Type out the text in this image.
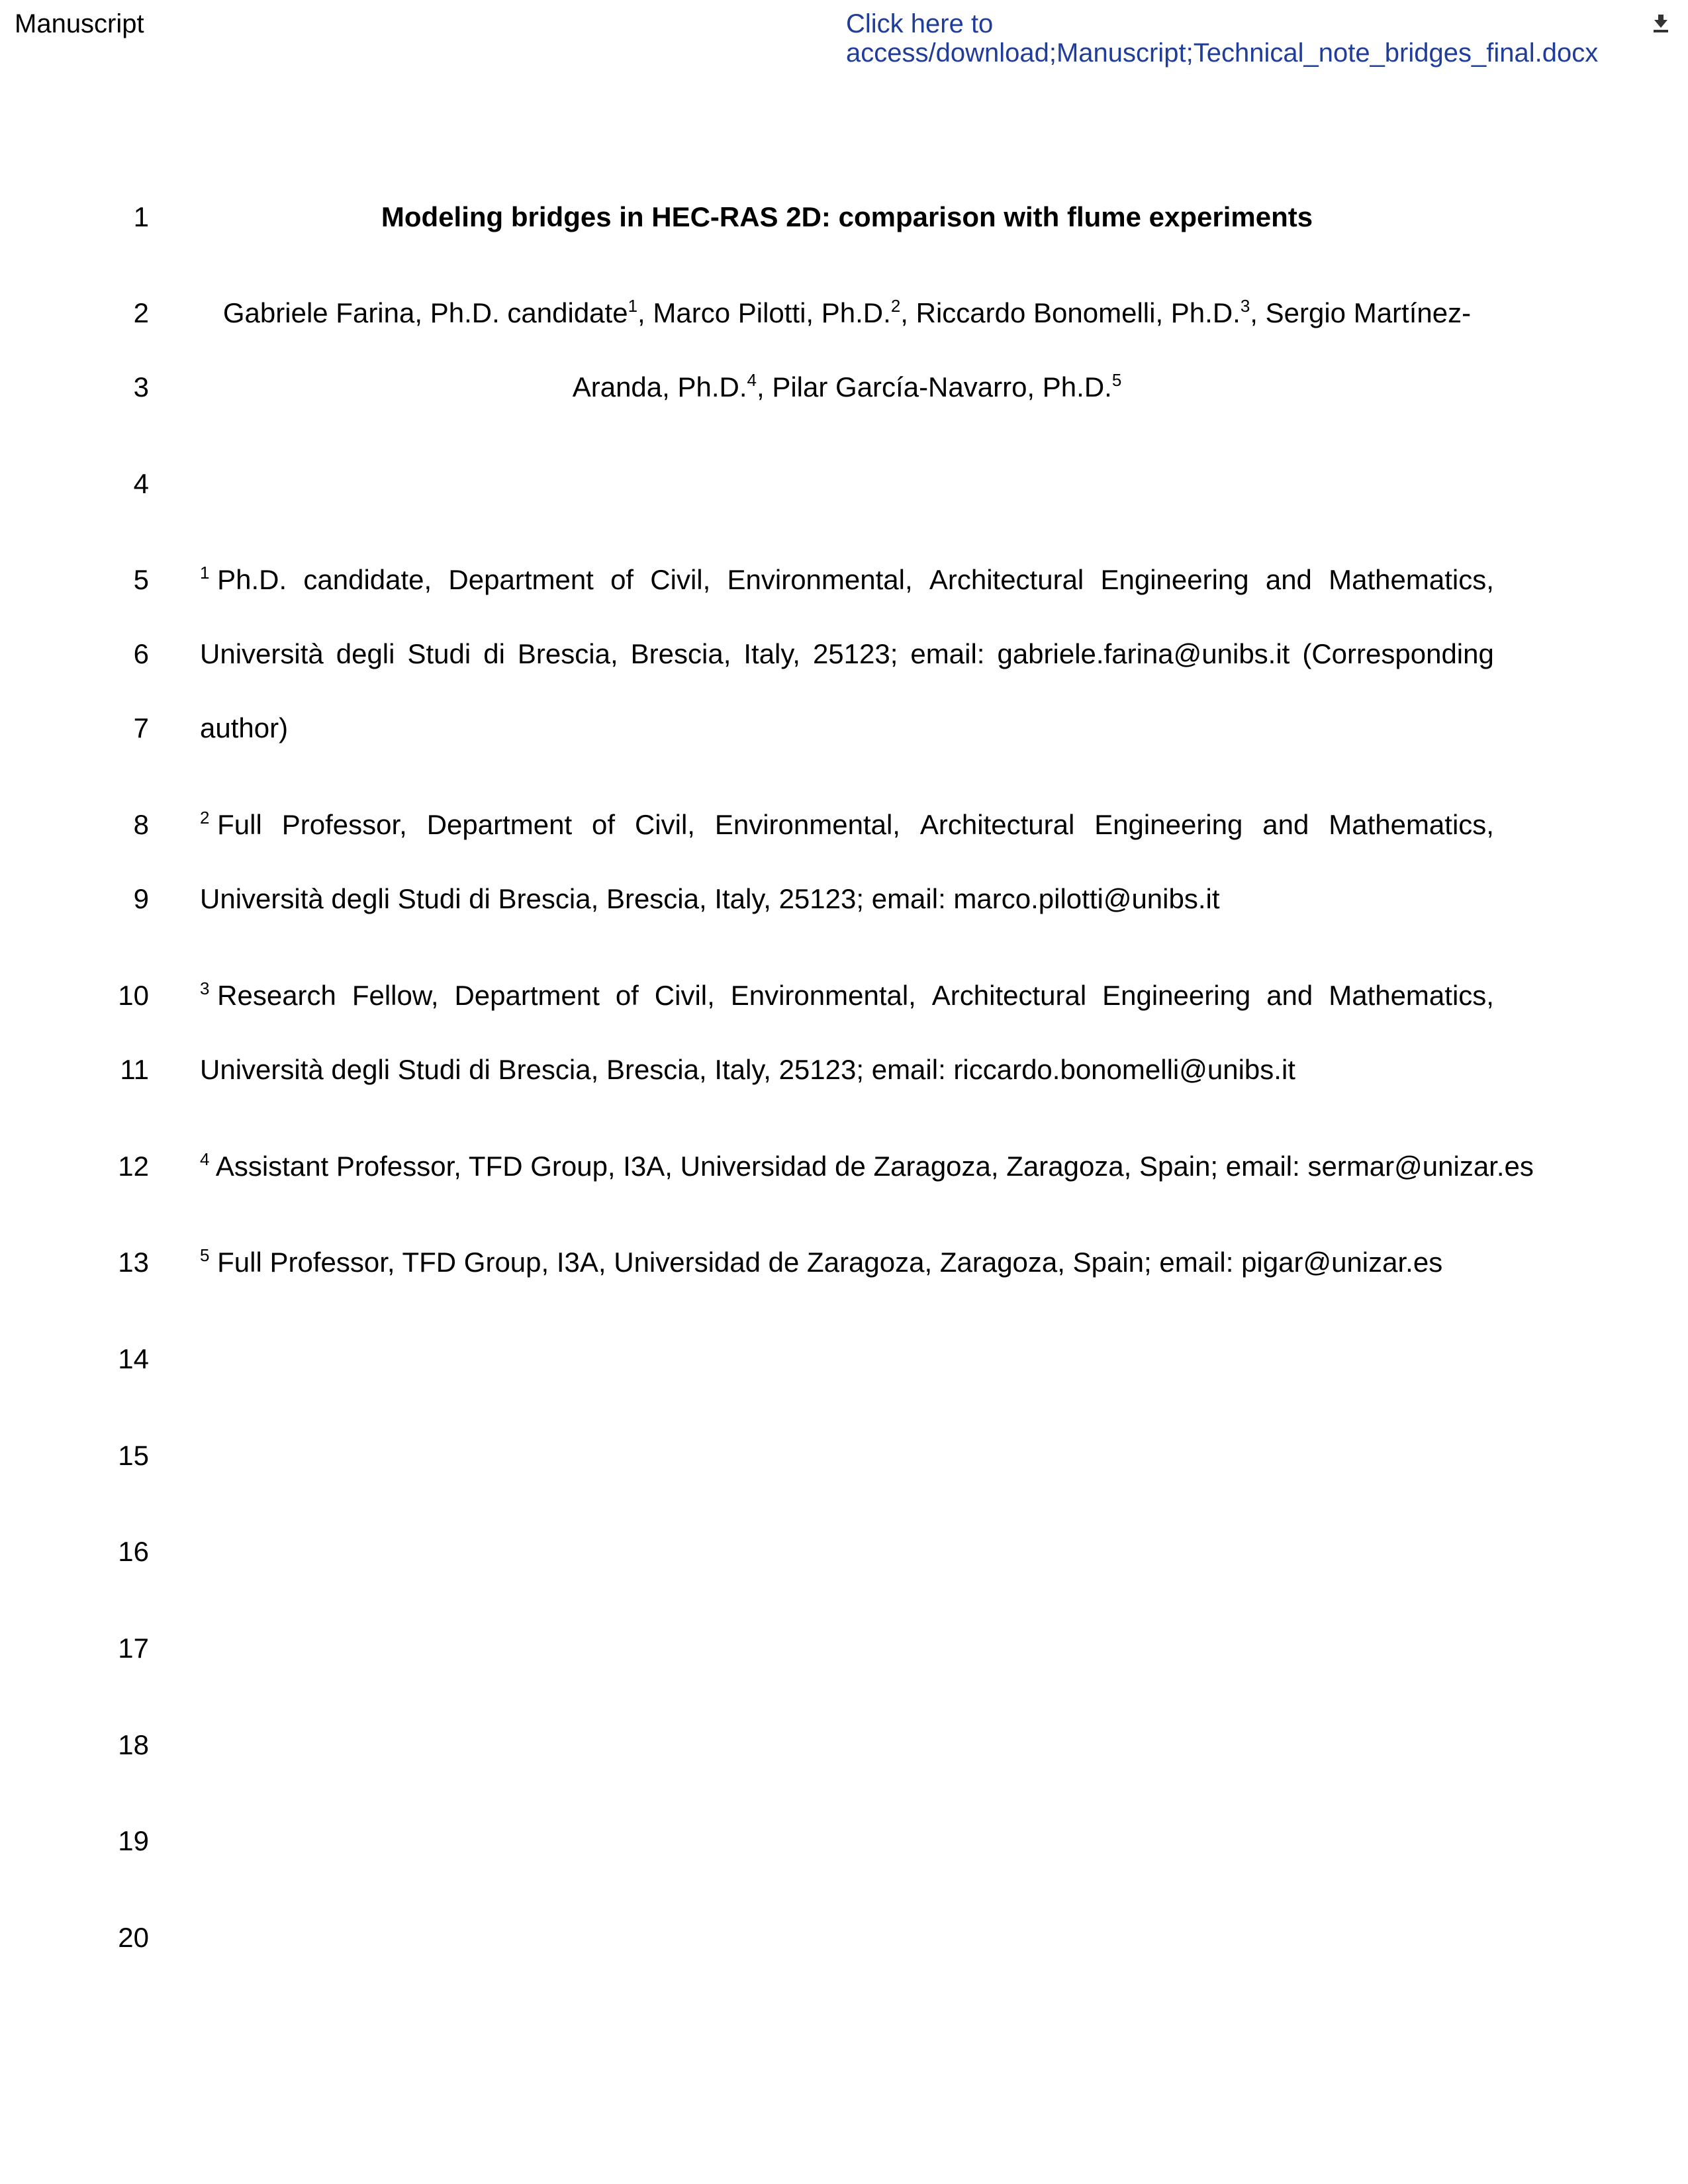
Manuscript	Click here to
access/download;Manuscript;Technical_note_bridges_final.docx
1	Modeling bridges in HEC-RAS 2D: comparison with flume experiments
2	Gabriele Farina, Ph.D. candidate$^1$, Marco Pilotti, Ph.D.$^2$, Riccardo Bonomelli, Ph.D.$^3$, Sergio Martínez-
3	Aranda, Ph.D.$^4$, Pilar García-Navarro, Ph.D.$^5$
4
5	$^1$ Ph.D. candidate, Department of Civil, Environmental, Architectural Engineering and Mathematics,
6 Università degli Studi di Brescia, Brescia, Italy, 25123; email: gabriele.farina@unibs.it (Corresponding
7 author)
8	$^2$ Full Professor, Department of Civil, Environmental, Architectural Engineering and Mathematics,
9 Università degli Studi di Brescia, Brescia, Italy, 25123; email: marco.pilotti@unibs.it
10	$^3$ Research Fellow, Department of Civil, Environmental, Architectural Engineering and Mathematics,
11 Università degli Studi di Brescia, Brescia, Italy, 25123; email: riccardo.bonomelli@unibs.it
12	$^4$ Assistant Professor, TFD Group, I3A, Universidad de Zaragoza, Zaragoza, Spain; email: sermar@unizar.es
13	$^5$ Full Professor, TFD Group, I3A, Universidad de Zaragoza, Zaragoza, Spain; email: pigar@unizar.es
14
15
16
17
18
19
20
